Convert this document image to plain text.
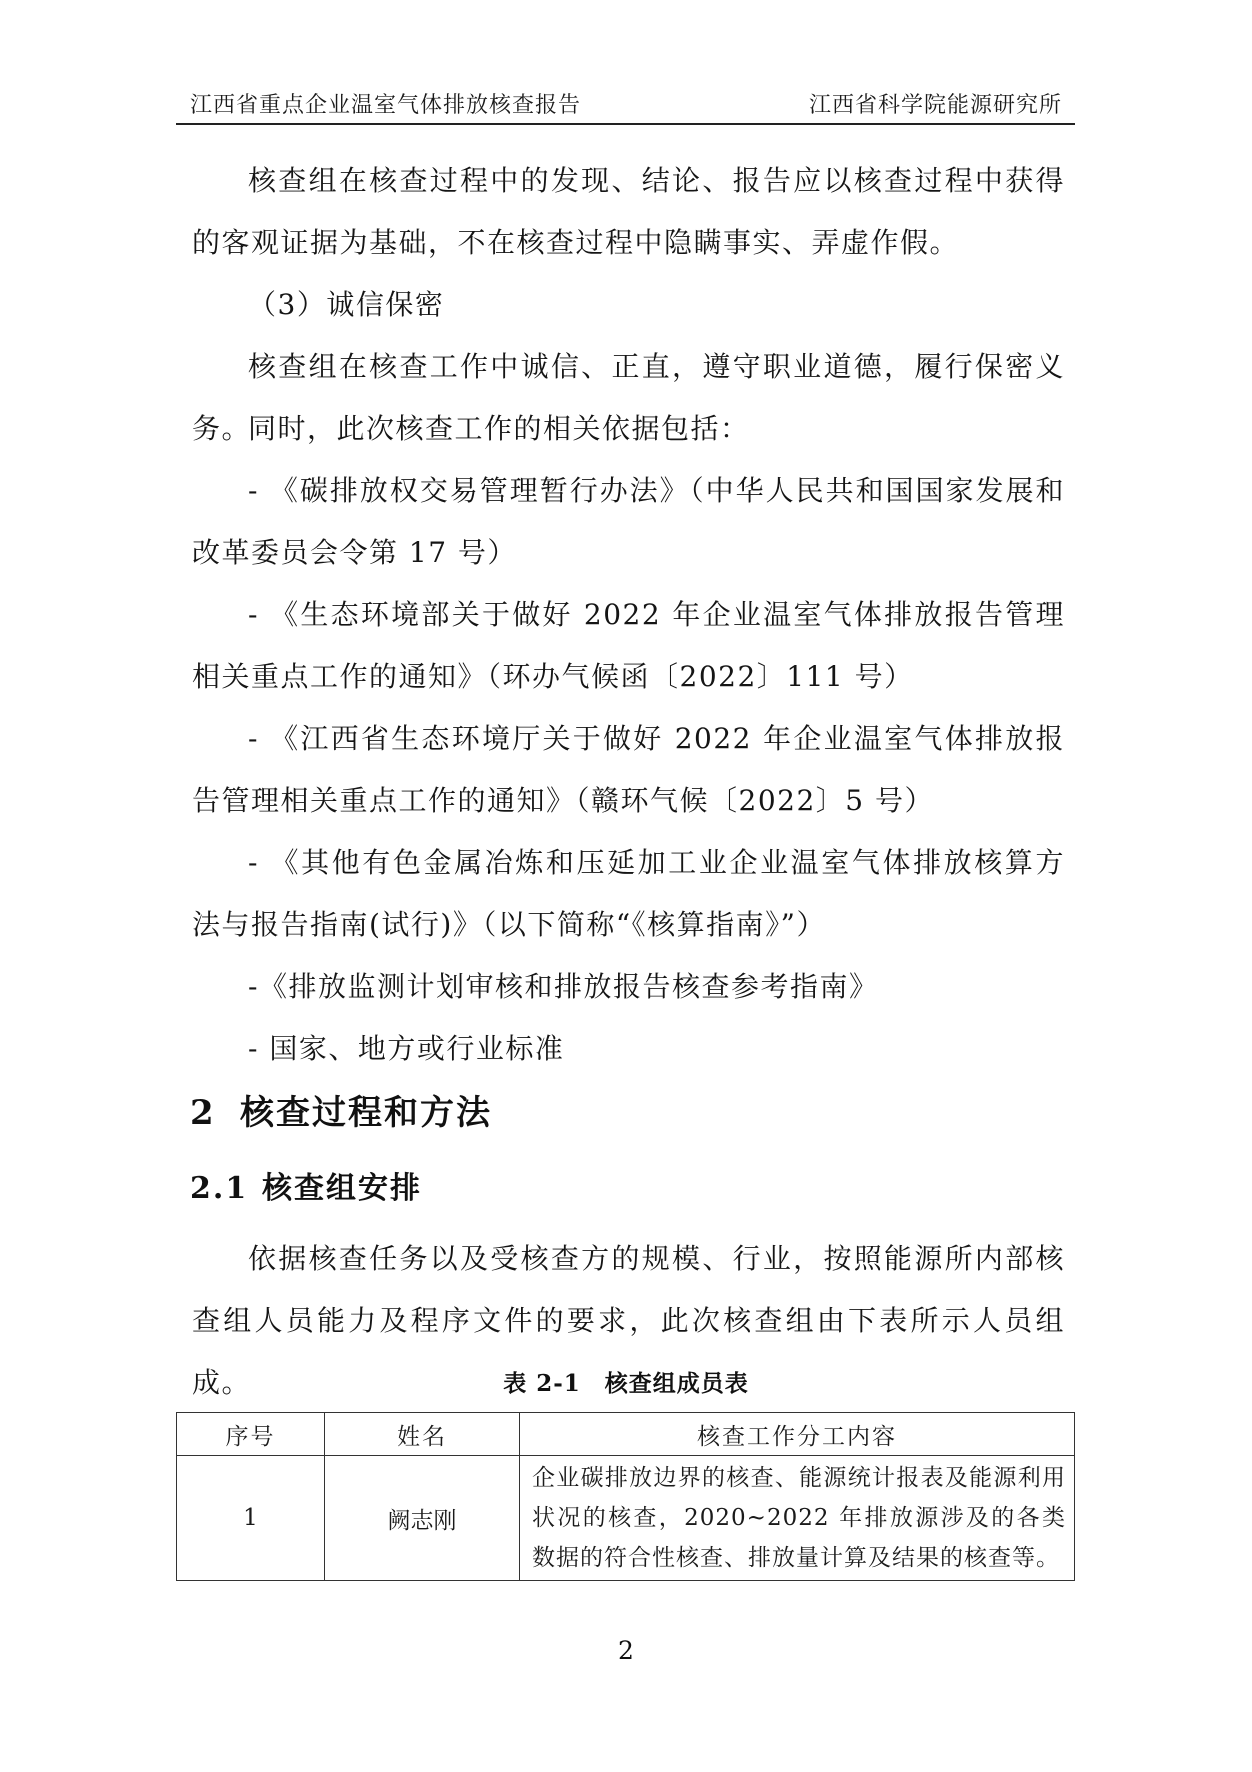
江西省重点企业温室气体排放核查报告	江西省科学院能源研究所

核查组在核查过程中的发现、结论、报告应以核查过程中获得的客观证据为基础，不在核查过程中隐瞒事实、弄虚作假。

（3）诚信保密

核查组在核查工作中诚信、正直，遵守职业道德，履行保密义务。

同时，此次核查工作的相关依据包括：

- 《碳排放权交易管理暂行办法》（中华人民共和国国家发展和改革委员会令第 17 号）

- 《生态环境部关于做好 2022 年企业温室气体排放报告管理相关重点工作的通知》（环办气候函〔2022〕111 号）

- 《江西省生态环境厅关于做好 2022 年企业温室气体排放报告管理相关重点工作的通知》（赣环气候〔2022〕5 号）

- 《其他有色金属冶炼和压延加工业企业温室气体排放核算方法与报告指南(试行)》（以下简称“《核算指南》”）

-《排放监测计划审核和排放报告核查参考指南》

- 国家、地方或行业标准

2 核查过程和方法
2.1 核查组安排

依据核查任务以及受核查方的规模、行业，按照能源所内部核查组人员能力及程序文件的要求，此次核查组由下表所示人员组成。	表 2-1 核查组成员表
序号	姓名	核查工作分工内容
1	阙志刚	企业碳排放边界的核查、能源统计报表及能源利用状况的核查，2020~2022 年排放源涉及的各类数据的符合性核查、排放量计算及结果的核查等。
2
